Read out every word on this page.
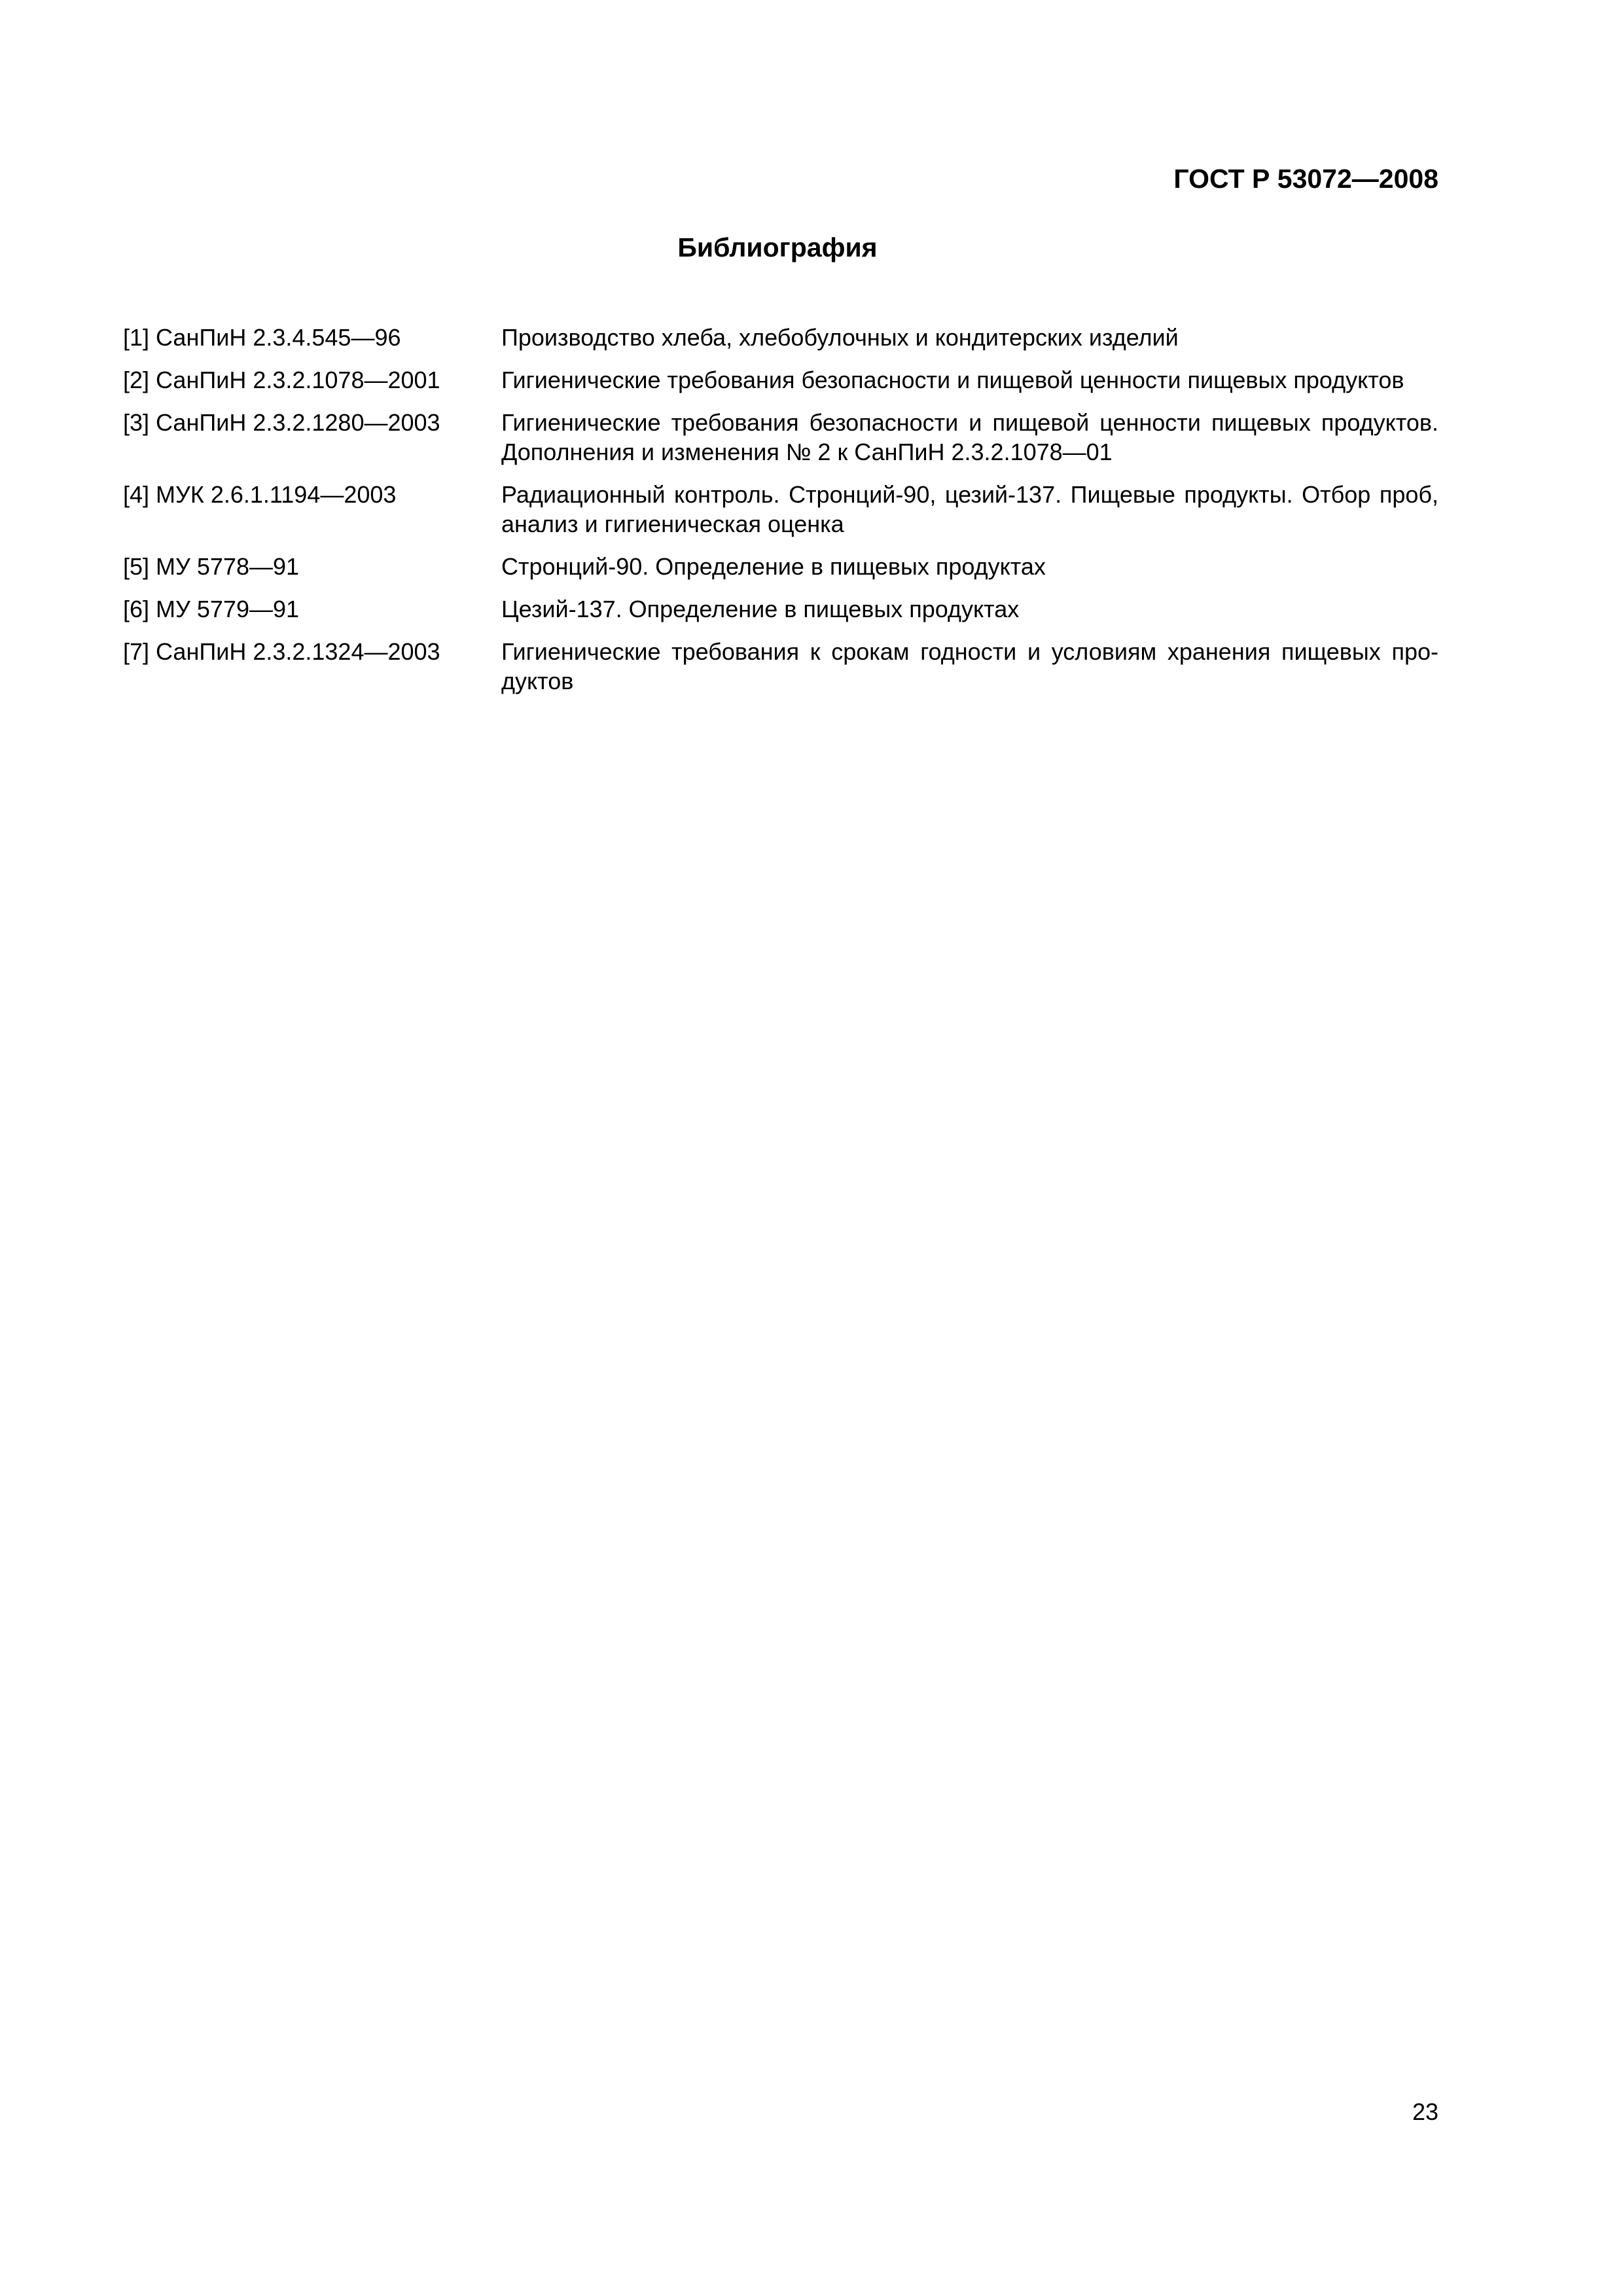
ГОСТ Р 53072—2008
Библиография
[1] СанПиН 2.3.4.545—96	Производство хлеба, хлебобулочных и кондитерских изделий
[2] СанПиН 2.3.2.1078—2001	Гигиенические требования безопасности и пищевой ценности пищевых продуктов
[3] СанПиН 2.3.2.1280—2003	Гигиенические требования безопасности и пищевой ценности пищевых продуктов. Дополнения и изменения № 2 к СанПиН 2.3.2.1078—01
[4] МУК 2.6.1.1194—2003	Радиационный контроль. Стронций-90, цезий-137. Пищевые продукты. Отбор проб, анализ и гигиеническая оценка
[5] МУ 5778—91	Стронций-90. Определение в пищевых продуктах
[6] МУ 5779—91	Цезий-137. Определение в пищевых продуктах
[7] СанПиН 2.3.2.1324—2003	Гигиенические требования к срокам годности и условиям хранения пищевых продуктов
23
